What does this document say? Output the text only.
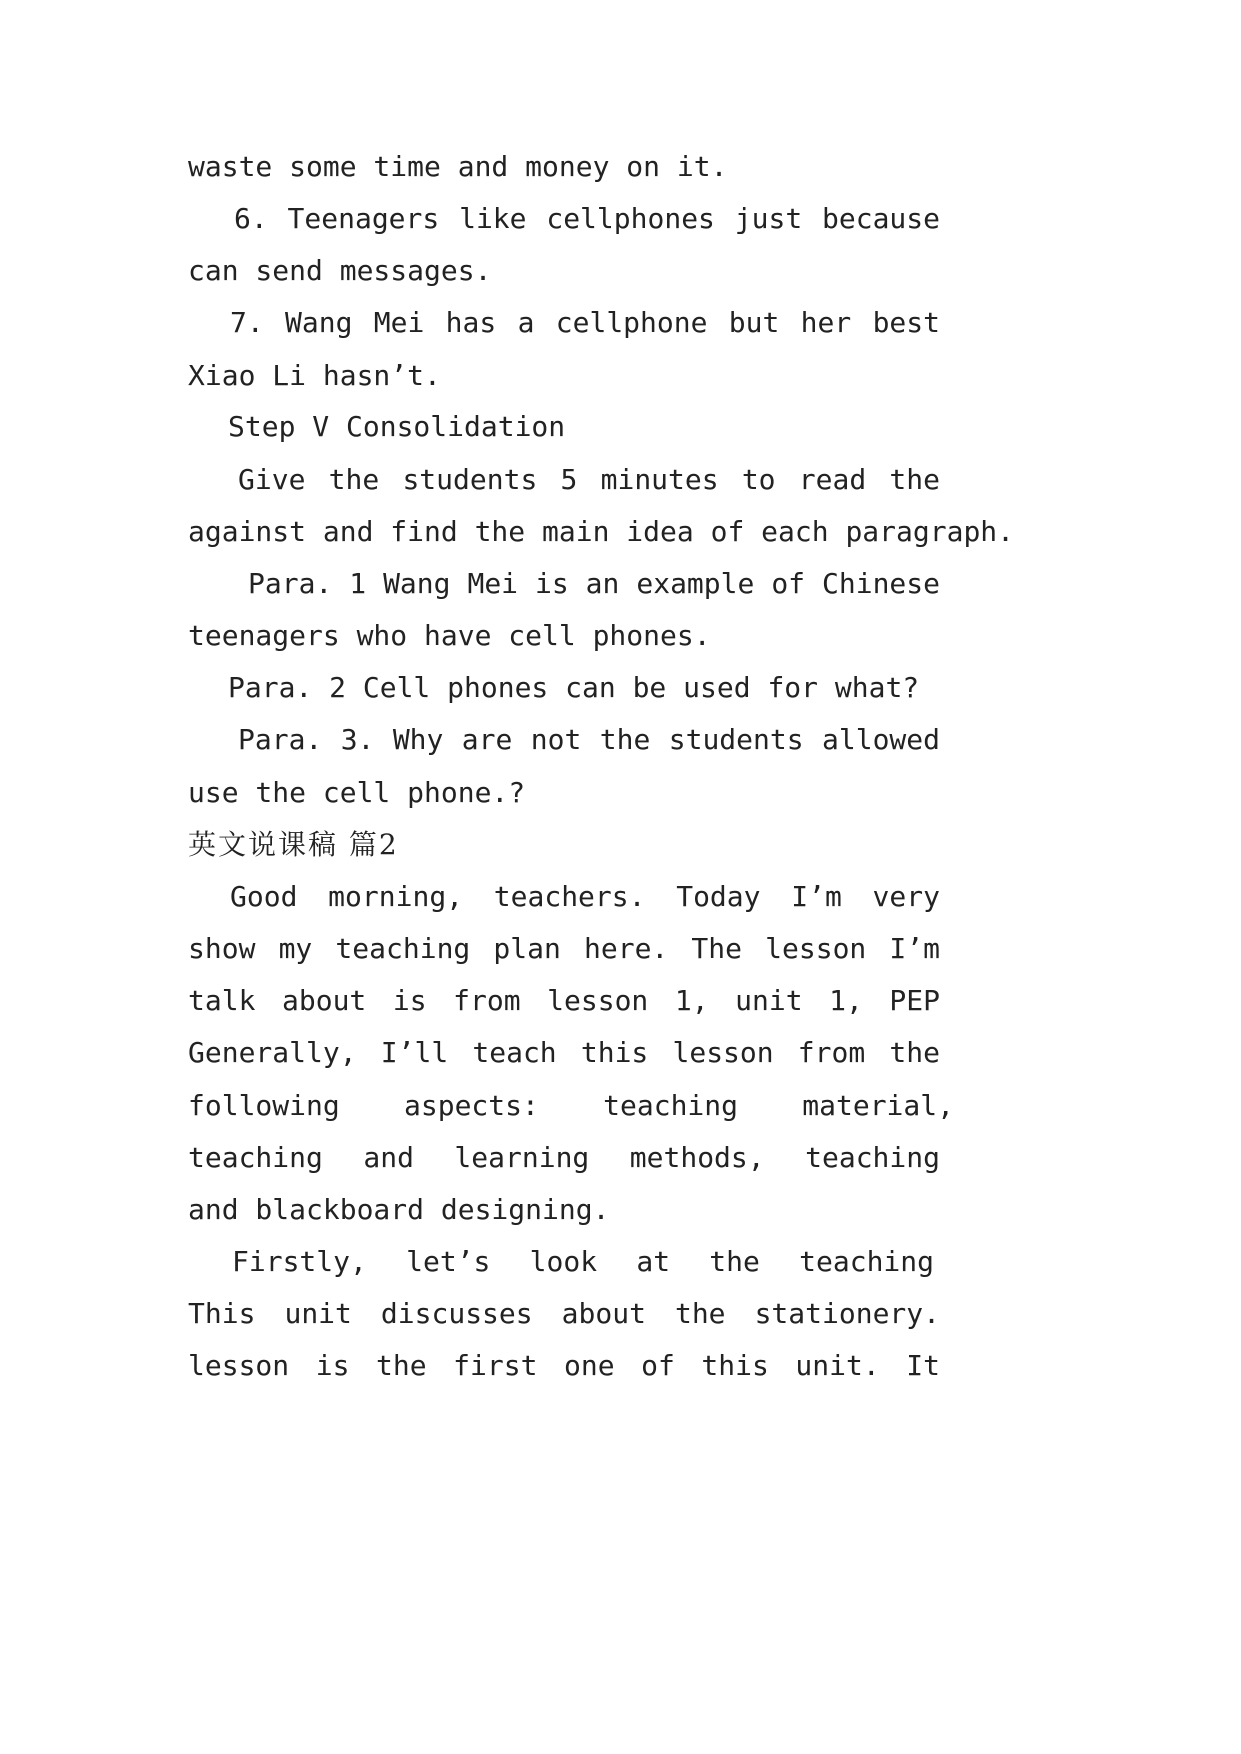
waste some time and money on it.
6. Teenagers like cellphones just because
can send messages.
7. Wang Mei has a cellphone but her best
Xiao Li hasn’t.
Step V Consolidation
Give the students 5 minutes to read the
against and find the main idea of each paragraph.
Para. 1 Wang Mei is an example of Chinese
teenagers who have cell phones.
Para. 2 Cell phones can be used for what?
Para. 3. Why are not the students allowed
use the cell phone.?
英文说课稿 篇2
Good morning, teachers. Today I’m very
show my teaching plan here. The lesson I’m
talk about is from lesson 1, unit 1, PEP
Generally, I’ll teach this lesson from the
following aspects: teaching material,
teaching and learning methods, teaching
and blackboard designing.
Firstly, let’s look at the teaching
This unit discusses about the stationery.
lesson is the first one of this unit. It
